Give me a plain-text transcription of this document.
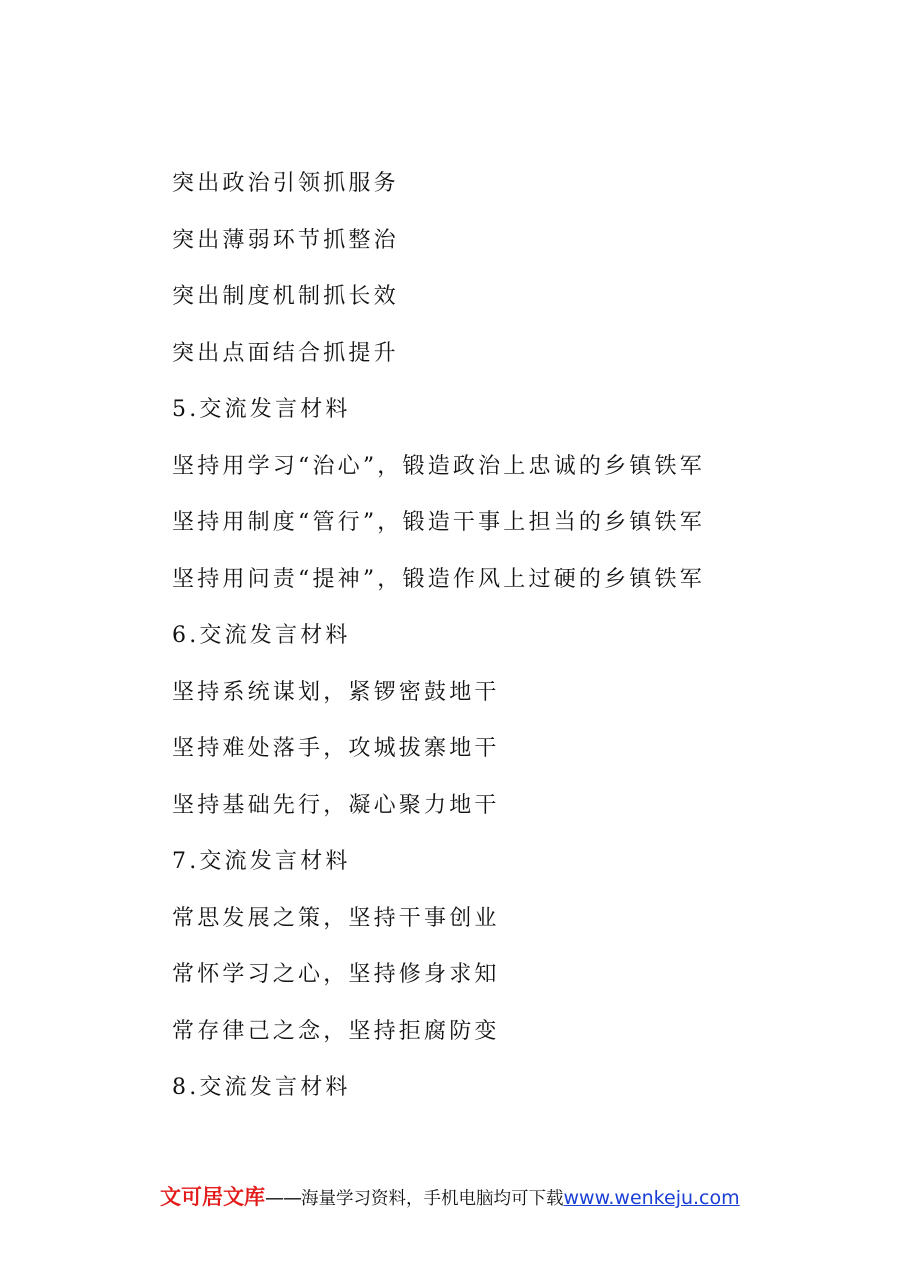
突出政治引领抓服务
突出薄弱环节抓整治
突出制度机制抓长效
突出点面结合抓提升
5.交流发言材料
坚持用学习“治心”，锻造政治上忠诚的乡镇铁军
坚持用制度“管行”，锻造干事上担当的乡镇铁军
坚持用问责“提神”，锻造作风上过硬的乡镇铁军
6.交流发言材料
坚持系统谋划，紧锣密鼓地干
坚持难处落手，攻城拔寨地干
坚持基础先行，凝心聚力地干
7.交流发言材料
常思发展之策，坚持干事创业
常怀学习之心，坚持修身求知
常存律己之念，坚持拒腐防变
8.交流发言材料
文可居文库——海量学习资料，手机电脑均可下载www.wenkeju.com
